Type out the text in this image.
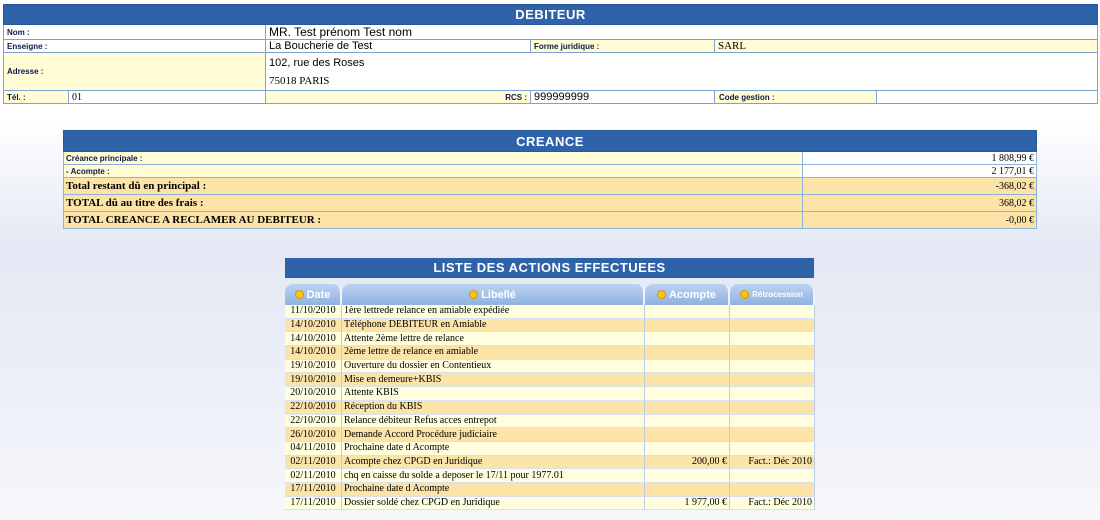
DEBITEUR					
Nom :		MR. Test prénom Test nom			
Enseigne :		La Boucherie de Test	Forme juridique :	SARL	
Adresse :		102, rue des Roses
75018 PARIS			

Tél. :	01	RCS :	999999999	Code gestion :	
CREANCE	
Créance principale :	1 808,99 €
- Acompte :	2 177,01 €
Total restant dû en principal :	-368,02 €
TOTAL dû au titre des frais :	368,02 €
TOTAL CREANCE A RECLAMER AU DEBITEUR :	-0,00 €
LISTE DES ACTIONS EFFECTUEES
Date	Libellé	Acompte	Rétrocession
11/10/2010	1ère lettrede relance en amiable expédiée		
14/10/2010	Téléphone DEBITEUR en Amiable		
14/10/2010	Attente 2ème lettre de relance		
14/10/2010	2ème lettre de relance en amiable		
19/10/2010	Ouverture du dossier en Contentieux		
19/10/2010	Mise en demeure+KBIS		
20/10/2010	Attente KBIS		
22/10/2010	Réception du KBIS		
22/10/2010	Relance débiteur Refus acces entrepot		
26/10/2010	Demande Accord Procédure judiciaire		
04/11/2010	Prochaine date d Acompte		
02/11/2010	Acompte chez CPGD en Juridique	200,00 €	Fact.: Déc 2010
02/11/2010	chq en caisse du solde a deposer le 17/11 pour 1977.01		
17/11/2010	Prochaine date d Acompte		
17/11/2010	Dossier soldé chez CPGD en Juridique	1 977,00 €	Fact.: Déc 2010
